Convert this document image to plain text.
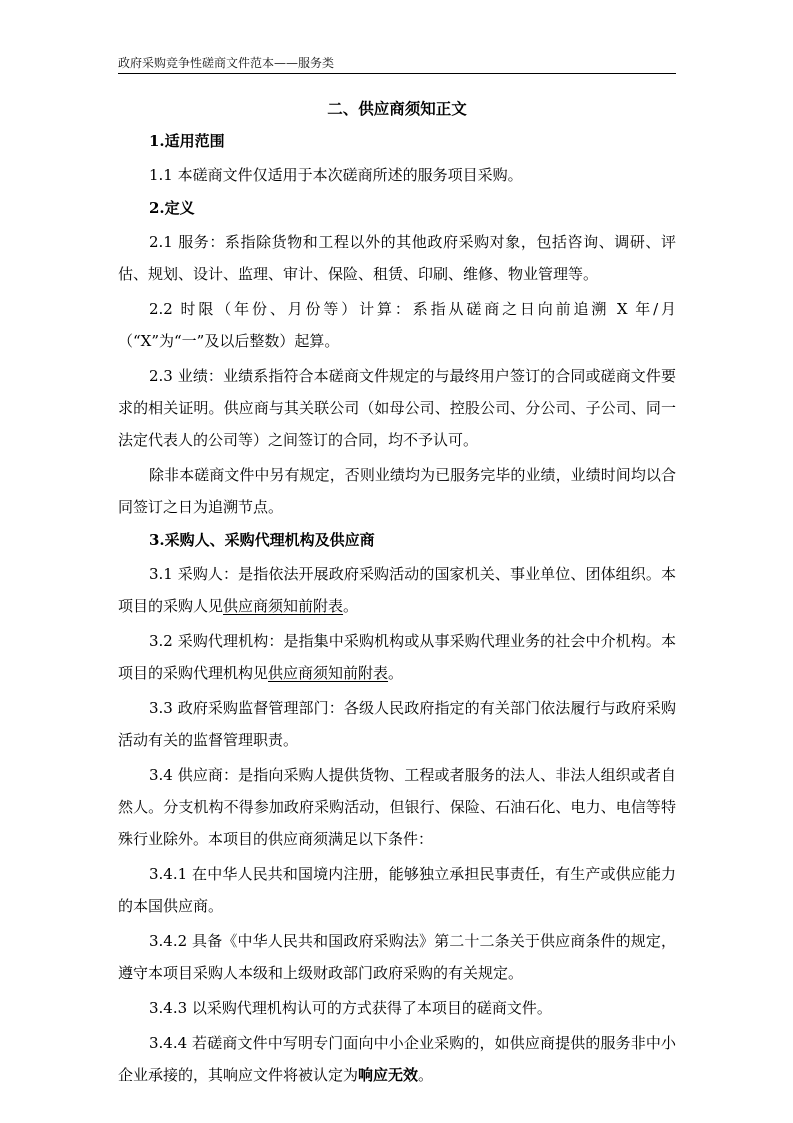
政府采购竞争性磋商文件范本——服务类
二、供应商须知正文
1.适用范围

1.1 本磋商文件仅适用于本次磋商所述的服务项目采购。

2.定义

2.1 服务：系指除货物和工程以外的其他政府采购对象，包括咨询、调研、评估、规划、设计、监理、审计、保险、租赁、印刷、维修、物业管理等。

2.2 时限（年份、月份等）计算：系指从磋商之日向前追溯 X 年/月（“X”为“一”及以后整数）起算。

2.3 业绩：业绩系指符合本磋商文件规定的与最终用户签订的合同或磋商文件要求的相关证明。供应商与其关联公司（如母公司、控股公司、分公司、子公司、同一法定代表人的公司等）之间签订的合同，均不予认可。

除非本磋商文件中另有规定，否则业绩均为已服务完毕的业绩，业绩时间均以合同签订之日为追溯节点。

3.采购人、采购代理机构及供应商

3.1 采购人：是指依法开展政府采购活动的国家机关、事业单位、团体组织。本项目的采购人见供应商须知前附表。

3.2 采购代理机构：是指集中采购机构或从事采购代理业务的社会中介机构。本项目的采购代理机构见供应商须知前附表。

3.3 政府采购监督管理部门：各级人民政府指定的有关部门依法履行与政府采购活动有关的监督管理职责。

3.4 供应商：是指向采购人提供货物、工程或者服务的法人、非法人组织或者自然人。分支机构不得参加政府采购活动，但银行、保险、石油石化、电力、电信等特殊行业除外。本项目的供应商须满足以下条件：

3.4.1 在中华人民共和国境内注册，能够独立承担民事责任，有生产或供应能力的本国供应商。

3.4.2 具备《中华人民共和国政府采购法》第二十二条关于供应商条件的规定，遵守本项目采购人本级和上级财政部门政府采购的有关规定。

3.4.3 以采购代理机构认可的方式获得了本项目的磋商文件。

3.4.4 若磋商文件中写明专门面向中小企业采购的，如供应商提供的服务非中小企业承接的，其响应文件将被认定为响应无效。
